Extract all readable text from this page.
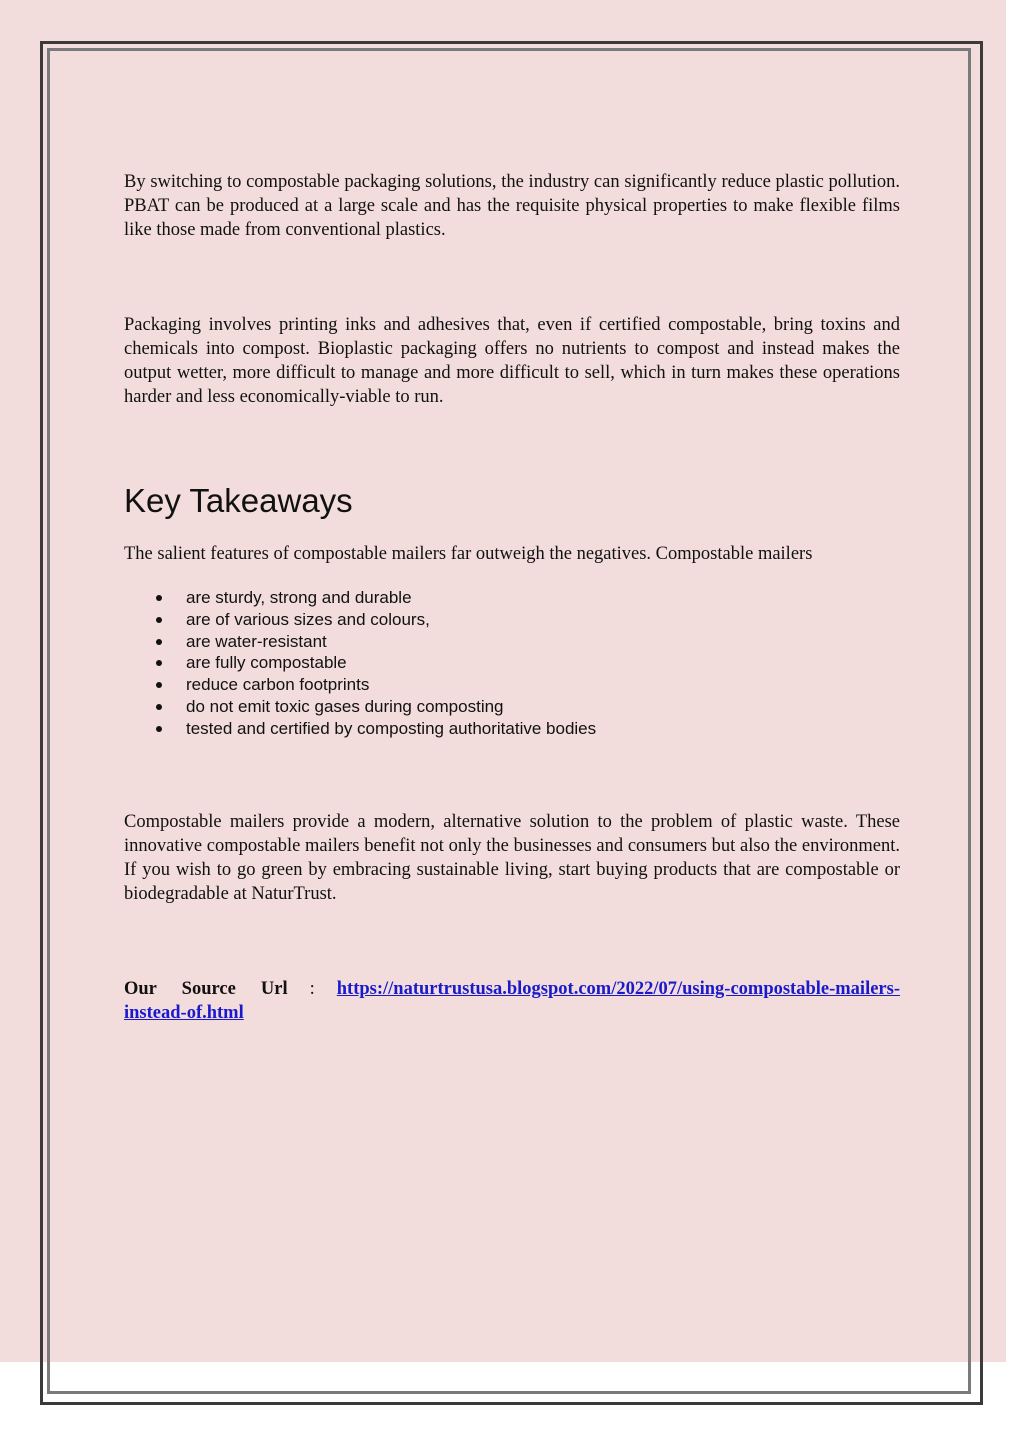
By switching to compostable packaging solutions, the industry can significantly reduce plastic pollution. PBAT can be produced at a large scale and has the requisite physical properties to make flexible films like those made from conventional plastics.

Packaging involves printing inks and adhesives that, even if certified compostable, bring toxins and chemicals into compost. Bioplastic packaging offers no nutrients to compost and instead makes the output wetter, more difficult to manage and more difficult to sell, which in turn makes these operations harder and less economically-viable to run.

Key Takeaways

The salient features of compostable mailers far outweigh the negatives. Compostable mailers

are sturdy, strong and durable
are of various sizes and colours,
are water-resistant
are fully compostable
reduce carbon footprints
do not emit toxic gases during composting
tested and certified by composting authoritative bodies

Compostable mailers provide a modern, alternative solution to the problem of plastic waste. These innovative compostable mailers benefit not only the businesses and consumers but also the environment. If you wish to go green by embracing sustainable living, start buying products that are compostable or biodegradable at NaturTrust.

Our Source Url : https://naturtrustusa.blogspot.com/2022/07/using-compostable-mailers-instead-of.html
